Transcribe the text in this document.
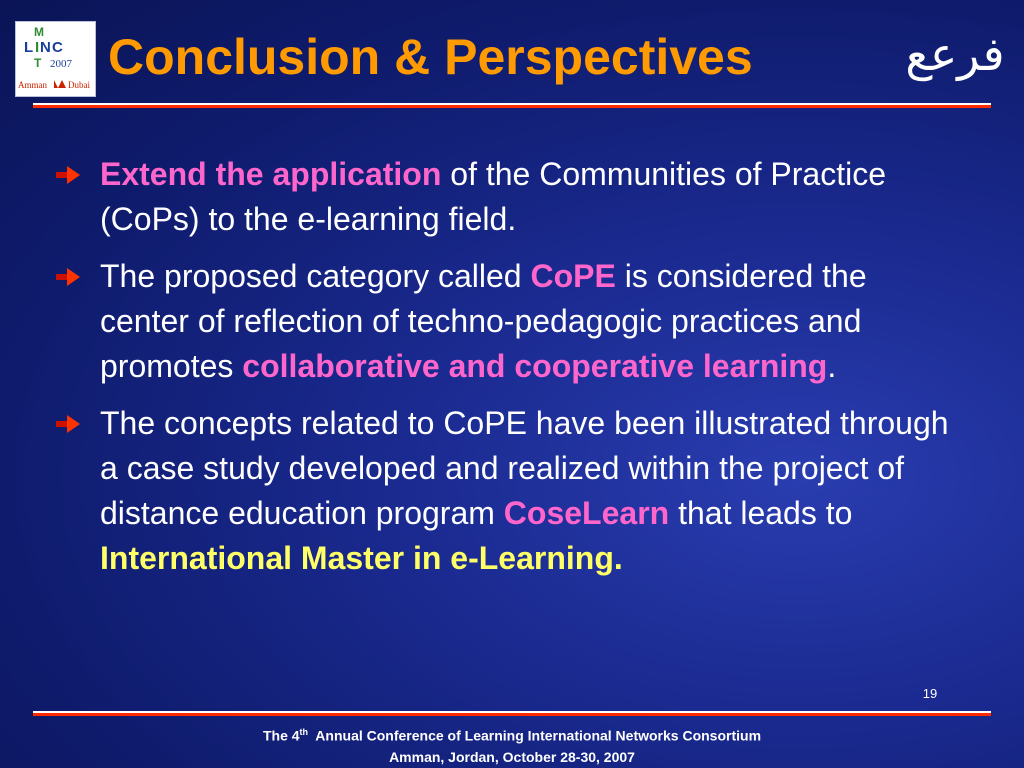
M
L I N C
T 2007
Amman Dubai Conclusion & Perspectives	فرعع
Extend the application of the Communities of Practice (CoPs) to the e-learning field.
The proposed category called CoPE is considered the center of reflection of techno-pedagogic practices and promotes collaborative and cooperative learning.
The concepts related to CoPE have been illustrated through a case study developed and realized within the project of distance education program CoseLearn that leads to International Master in e-Learning.
19
The 4th  Annual Conference of Learning International Networks Consortium
Amman, Jordan, October 28-30, 2007
